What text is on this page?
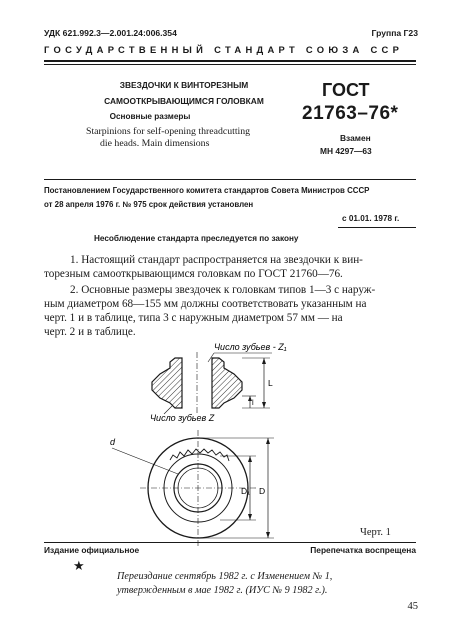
УДК 621.992.3—2.001.24:006.354	Группа Г23
ГОСУДАРСТВЕННЫЙ СТАНДАРТ СОЮЗА ССР
ЗВЕЗДОЧКИ К ВИНТОРЕЗНЫМ
САМООТКРЫВАЮЩИМСЯ ГОЛОВКАМ
Основные размеры
Starpinions for self-opening threadcutting
die heads. Main dimensions
ГОСТ
21763–76*
Взамен
МН 4297—63
Постановлением Государственного комитета стандартов Совета Министров СССР
от 28 апреля 1976 г. № 975 срок действия установлен
с 01.01. 1978 г.
Несоблюдение стандарта преследуется по закону

1. Настоящий стандарт распространяется на звездочки к вин-

торезным самооткрывающимся головкам по ГОСТ 21760—76.

2. Основные размеры звездочек к головкам типов 1—3 с наруж-

ным диаметром 68—155 мм должны соответствовать указанным на

черт. 1 и в таблице, типа 3 с наружным диаметром 57 мм — на

черт. 2 и в таблице.

Число зубьев - Z₁
L
l
Число зубьев Z
d
D₁ D
Черт. 1
Издание официальное	Перепечатка воспрещена
★
Переиздание сентябрь 1982 г. с Изменением № 1,
утвержденным в мае 1982 г. (ИУС № 9 1982 г.).
45
